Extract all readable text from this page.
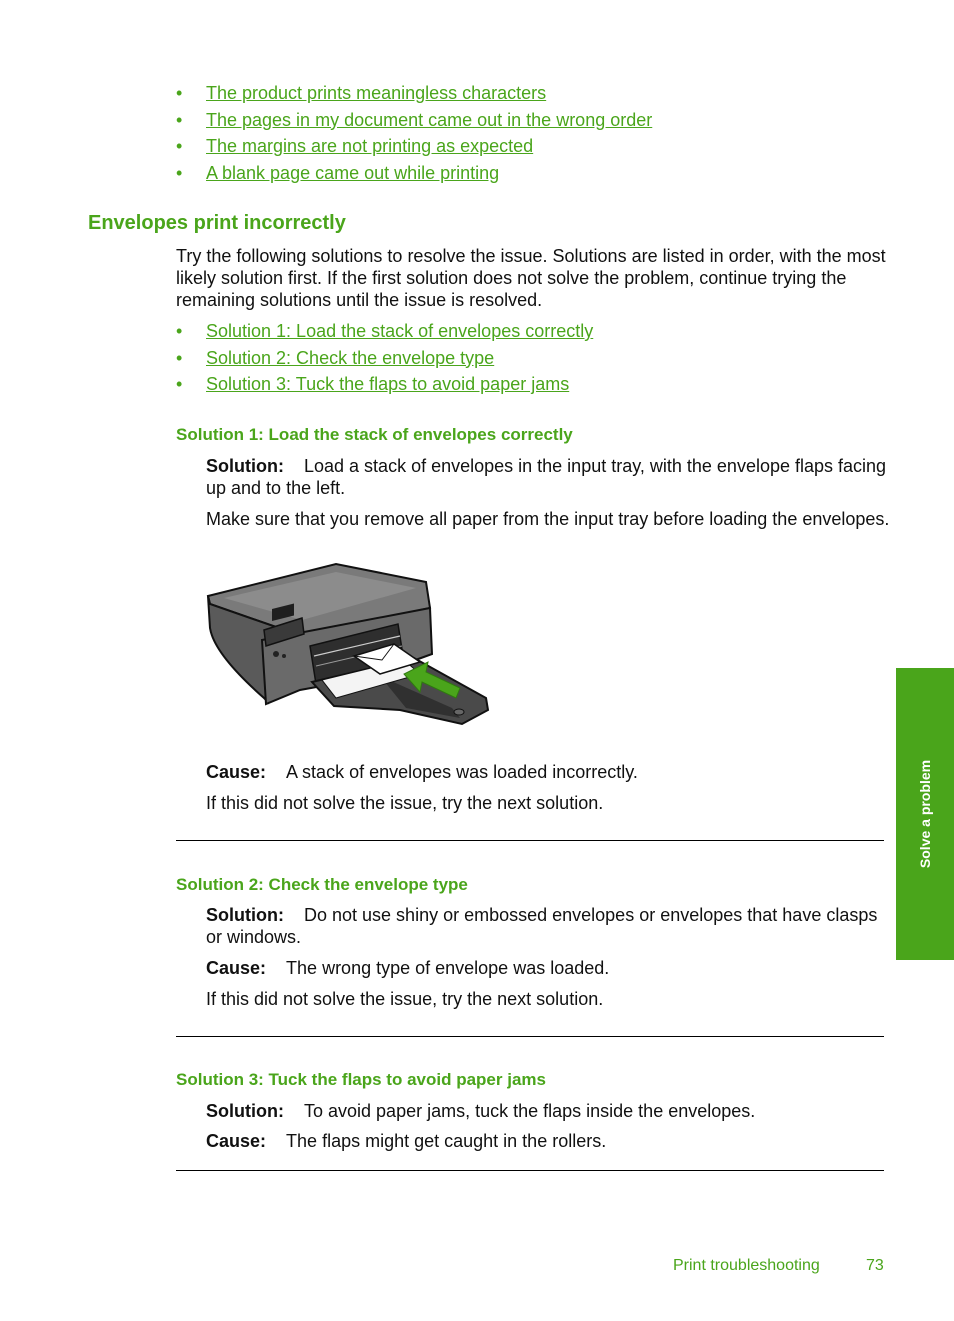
• The product prints meaningless characters
• The pages in my document came out in the wrong order
• The margins are not printing as expected
• A blank page came out while printing
Envelopes print incorrectly
Try the following solutions to resolve the issue. Solutions are listed in order, with the most likely solution first. If the first solution does not solve the problem, continue trying the remaining solutions until the issue is resolved.
• Solution 1: Load the stack of envelopes correctly
• Solution 2: Check the envelope type
• Solution 3: Tuck the flaps to avoid paper jams
Solution 1: Load the stack of envelopes correctly
Solution: Load a stack of envelopes in the input tray, with the envelope flaps facing up and to the left.
Make sure that you remove all paper from the input tray before loading the envelopes.
Cause: A stack of envelopes was loaded incorrectly.
If this did not solve the issue, try the next solution.
Solution 2: Check the envelope type
Solution: Do not use shiny or embossed envelopes or envelopes that have clasps or windows.
Cause: The wrong type of envelope was loaded.
If this did not solve the issue, try the next solution.
Solution 3: Tuck the flaps to avoid paper jams
Solution: To avoid paper jams, tuck the flaps inside the envelopes.
Cause: The flaps might get caught in the rollers.
Solve a problem
Print troubleshooting	73
